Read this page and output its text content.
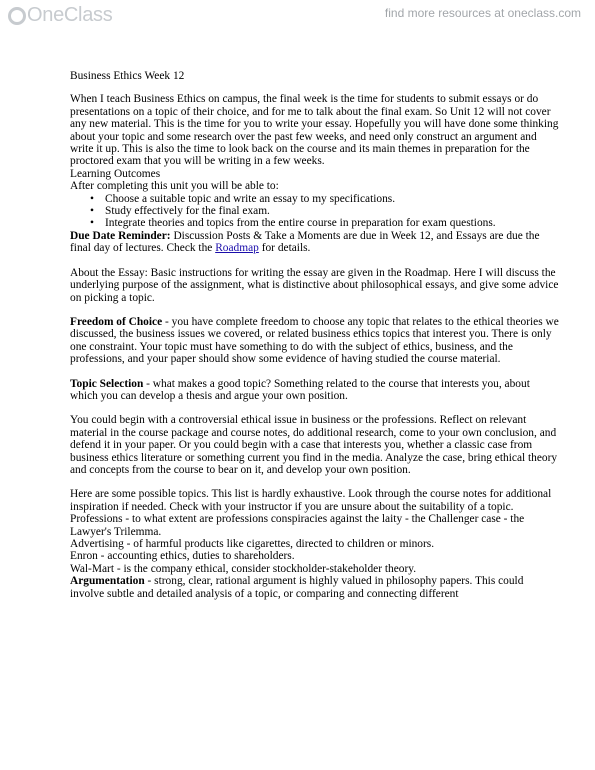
OneClass	find more resources at oneclass.com

Business Ethics Week 12

When I teach Business Ethics on campus, the final week is the time for students to submit essays or do presentations on a topic of their choice, and for me to talk about the final exam. So Unit 12 will not cover any new material. This is the time for you to write your essay. Hopefully you will have done some thinking about your topic and some research over the past few weeks, and need only construct an argument and write it up. This is also the time to look back on the course and its main themes in preparation for the proctored exam that you will be writing in a few weeks.

Learning Outcomes

After completing this unit you will be able to:

• Choose a suitable topic and write an essay to my specifications.
• Study effectively for the final exam.
• Integrate theories and topics from the entire course in preparation for exam questions.

Due Date Reminder: Discussion Posts & Take a Moments are due in Week 12, and Essays are due the final day of lectures. Check the Roadmap for details.

About the Essay: Basic instructions for writing the essay are given in the Roadmap. Here I will discuss the underlying purpose of the assignment, what is distinctive about philosophical essays, and give some advice on picking a topic.

Freedom of Choice - you have complete freedom to choose any topic that relates to the ethical theories we discussed, the business issues we covered, or related business ethics topics that interest you. There is only one constraint. Your topic must have something to do with the subject of ethics, business, and the professions, and your paper should show some evidence of having studied the course material.

Topic Selection - what makes a good topic? Something related to the course that interests you, about which you can develop a thesis and argue your own position.

You could begin with a controversial ethical issue in business or the professions. Reflect on relevant material in the course package and course notes, do additional research, come to your own conclusion, and defend it in your paper. Or you could begin with a case that interests you, whether a classic case from business ethics literature or something current you find in the media. Analyze the case, bring ethical theory and concepts from the course to bear on it, and develop your own position.

Here are some possible topics. This list is hardly exhaustive. Look through the course notes for additional inspiration if needed. Check with your instructor if you are unsure about the suitability of a topic.

Professions - to what extent are professions conspiracies against the laity - the Challenger case - the Lawyer's Trilemma.

Advertising - of harmful products like cigarettes, directed to children or minors.

Enron - accounting ethics, duties to shareholders.

Wal-Mart - is the company ethical, consider stockholder-stakeholder theory.

Argumentation - strong, clear, rational argument is highly valued in philosophy papers. This could involve subtle and detailed analysis of a topic, or comparing and connecting different
